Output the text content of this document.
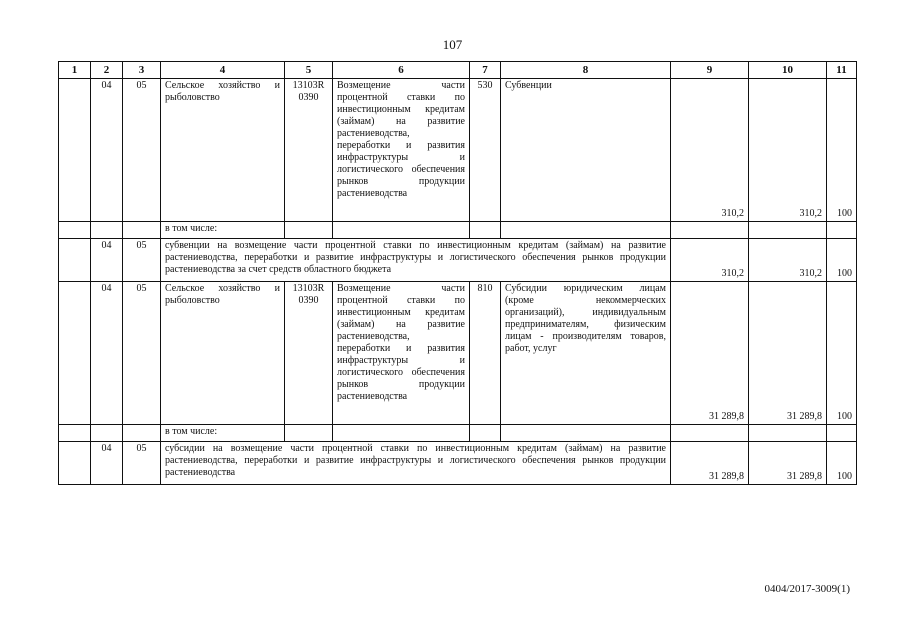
107
1	2	3	4	5	6	7	8	9	10	11
	04	05	Сельское хозяйство и рыболовство	13103R 0390	Возмещение части процентной ставки по инвестиционным кредитам (займам) на развитие растениеводства, переработки и развития инфраструктуры и логистического обеспечения рынков продукции растениеводства	530	Субвенции	310,2	310,2	100
			в том числе:							
	04	05	субвенции на возмещение части процентной ставки по инвестиционным кредитам (займам) на развитие растениеводства, переработки и развитие инфраструктуры и логистического обеспечения рынков продукции растениеводства за счет средств областного бюджета					310,2	310,2	100
	04	05	Сельское хозяйство и рыболовство	13103R 0390	Возмещение части процентной ставки по инвестиционным кредитам (займам) на развитие растениеводства, переработки и развития инфраструктуры и логистического обеспечения рынков продукции растениеводства	810	Субсидии юридическим лицам (кроме некоммерческих организаций), индивидуальным предпринимателям, физическим лицам - производителям товаров, работ, услуг	31 289,8	31 289,8	100
			в том числе:							
	04	05	субсидии на возмещение части процентной ставки по инвестиционным кредитам (займам) на развитие растениеводства, переработки и развитие инфраструктуры и логистического обеспечения рынков продукции растениеводства					31 289,8	31 289,8	100
0404/2017-3009(1)
